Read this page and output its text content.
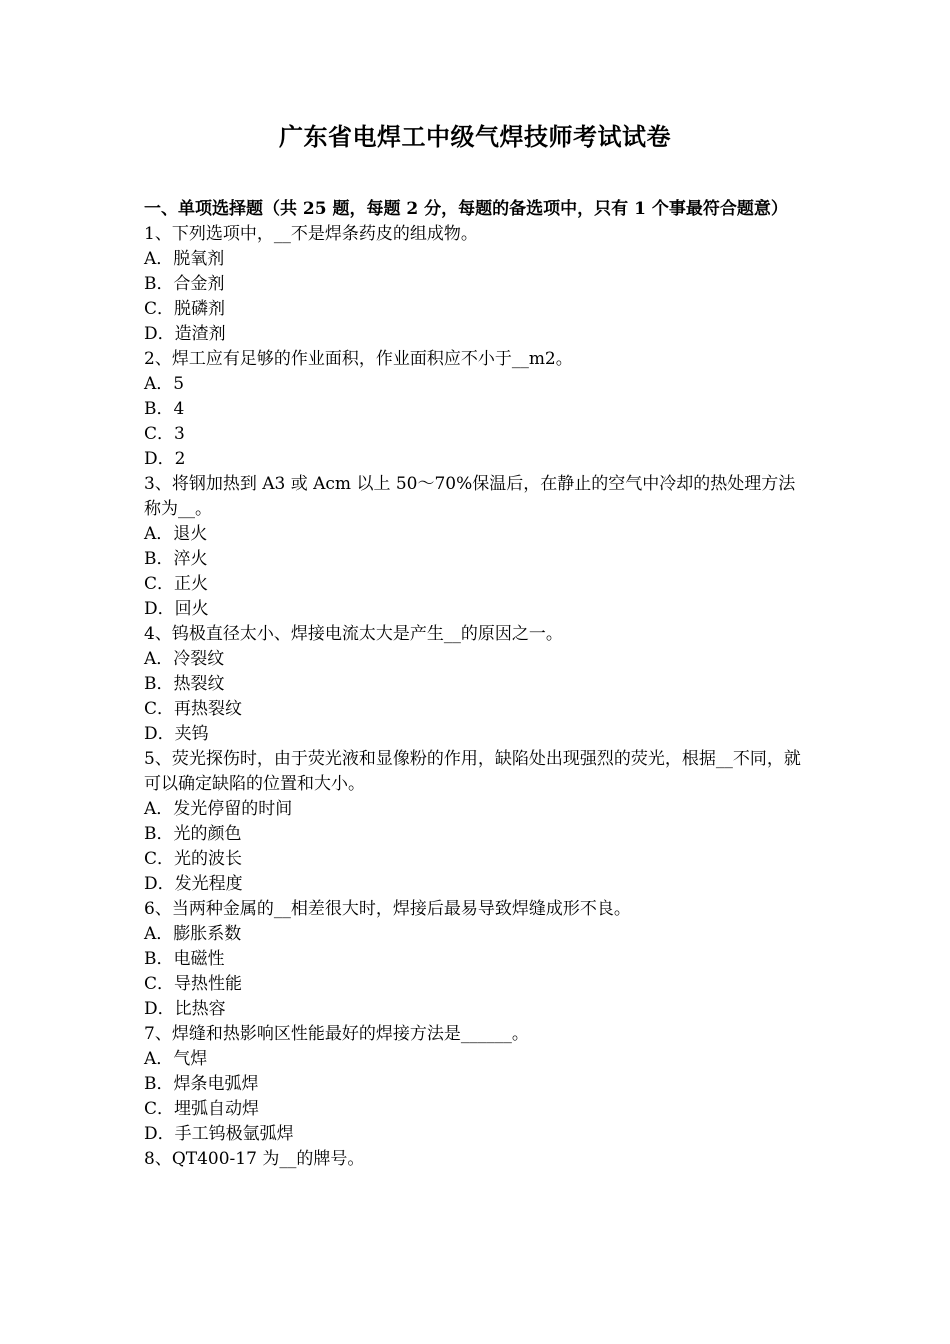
广东省电焊工中级气焊技师考试试卷
一、单项选择题（共 25 题，每题 2 分，每题的备选项中，只有 1 个事最符合题意）
1、下列选项中，__不是焊条药皮的组成物。
A．脱氧剂
B．合金剂
C．脱磷剂
D．造渣剂
2、焊工应有足够的作业面积，作业面积应不小于__m2。
A．5
B．4
C．3
D．2
3、将钢加热到 A3 或 Acm 以上 50～70%保温后，在静止的空气中冷却的热处理方法称为__。
A．退火
B．淬火
C．正火
D．回火
4、钨极直径太小、焊接电流太大是产生__的原因之一。
A．冷裂纹
B．热裂纹
C．再热裂纹
D．夹钨
5、荧光探伤时，由于荧光液和显像粉的作用，缺陷处出现强烈的荧光，根据__不同，就可以确定缺陷的位置和大小。
A．发光停留的时间
B．光的颜色
C．光的波长
D．发光程度
6、当两种金属的__相差很大时，焊接后最易导致焊缝成形不良。
A．膨胀系数
B．电磁性
C．导热性能
D．比热容
7、焊缝和热影响区性能最好的焊接方法是______。
A．气焊
B．焊条电弧焊
C．埋弧自动焊
D．手工钨极氩弧焊
8、QT400-17 为__的牌号。
